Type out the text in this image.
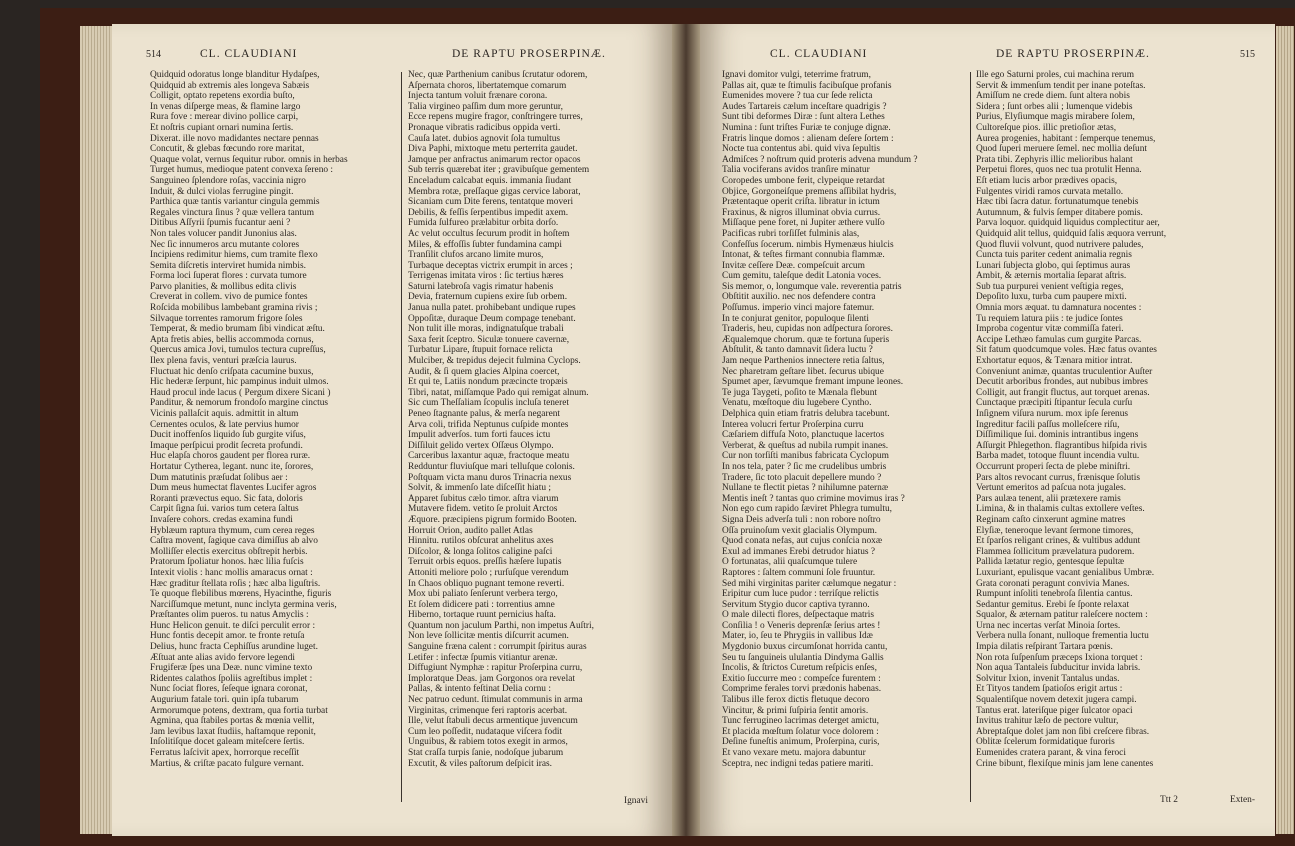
514	CL. CLAUDIANI	DE RAPTU PROSERPINÆ.
Quidquid odoratus longe blanditur Hydaſpes,
Quidquid ab extremis ales longeva Sabæis
Colligit, optato repetens exordia buſto,
In venas diſperge meas, & flamine largo
Rura fove : merear divino pollice carpi,
Et noſtris cupiant ornari numina ſertis.
Dixerat. ille novo madidantes nectare pennas
Concutit, & glebas fœcundo rore maritat,
Quaque volat, vernus ſequitur rubor. omnis in herbas
Turget humus, medioque patent convexa ſereno :
Sanguineo ſplendore roſas, vaccinia nigro
Induit, & dulci violas ferrugine pingit.
Parthica quæ tantis variantur cingula gemmis
Regales vinctura ſinus ? quæ vellera tantum
Ditibus Aſſyrii ſpumis fucantur aeni ?
Non tales volucer pandit Junonius alas.
Nec ſic innumeros arcu mutante colores
Incipiens redimitur hiems, cum tramite flexo
Semita diſcretis interviret humida nimbis.
Forma loci ſuperat flores : curvata tumore
Parvo planities, & mollibus edita clivis
Creverat in collem. vivo de pumice fontes
Roſcida mobilibus lambebant gramina rivis ;
Silvaque torrentes ramorum frigore ſoles
Temperat, & medio brumam ſibi vindicat æſtu.
Apta fretis abies, bellis accommoda cornus,
Quercus amica Jovi, tumulos tectura cupreſſus,
Ilex plena favis, venturi præſcia laurus.
Fluctuat hic denſo criſpata cacumine buxus,
Hic hederæ ſerpunt, hic pampinus induit ulmos.
Haud procul inde lacus ( Pergum dixere Sicani )
Panditur, & nemorum frondoſo margine cinctus
Vicinis pallaſcit aquis. admittit in altum
Cernentes oculos, & late pervius humor
Ducit inoffenſos liquido ſub gurgite viſus,
Imaque perſpicui prodit ſecreta profundi.
Huc elapſa choros gaudent per florea ruræ.
Hortatur Cytherea, legant. nunc ite, ſorores,
Dum matutinis præſudat ſolibus aer :
Dum meus humectat flaventes Lucifer agros
Roranti prævectus equo. Sic fata, doloris
Carpit ſigna ſui. varios tum cetera ſaltus
Invaſere cohors. credas examina fundi
Hyblæum raptura thymum, cum cerea reges
Caſtra movent, ſagique cava dimiſſus ab alvo
Molliſſer electis exercitus obſtrepit herbis.
Pratorum ſpoliatur honos. hæc lilia fuſcis
Intexit violis : hanc mollis amaracus ornat :
Hæc graditur ſtellata roſis ; hæc alba liguſtris.
Te quoque flebilibus mœrens, Hyacinthe, figuris
Narciſſumque metunt, nunc inclyta germina veris,
Præſtantes olim pueros. tu natus Amyclis :
Hunc Helicon genuit. te diſci perculit error :
Hunc fontis decepit amor. te fronte retuſa
Delius, hunc fracta Cephiſſus arundine luget.
Æſtuat ante alias avido fervore legendi
Frugiferæ ſpes una Deæ. nunc vimine texto
Ridentes calathos ſpoliis agreſtibus implet :
Nunc ſociat flores, ſeſeque ignara coronat,
Augurium fatale tori. quin ipſa tubarum
Armorumque potens, dextram, qua fortia turbat
Agmina, qua ſtabiles portas & mœnia vellit,
Jam levibus laxat ſtudiis, haſtamque reponit,
Inſolitiſque docet galeam miteſcere ſertis.
Ferratus laſcivit apex, horrorque receſſit
Martius, & criſtæ pacato fulgure vernant.
Nec, quæ Parthenium canibus ſcrutatur odorem,
Aſpernata choros, libertatemque comarum
Injecta tantum voluit frænare corona.
Talia virgineo paſſim dum more geruntur,
Ecce repens mugire fragor, conſtringere turres,
Pronaque vibratis radicibus oppida verti.
Cauſa latet. dubios agnovit ſola tumultus
Diva Paphi, mixtoque metu perterrita gaudet.
Jamque per anfractus animarum rector opacos
Sub terris quærebat iter ; gravibuſque gementem
Enceladum calcabat equis. immania ſiudant
Membra rotæ, preſſaque gigas cervice laborat,
Sicaniam cum Dite ferens, tentatque moveri
Debilis, & feſſis ſerpentibus impedit axem.
Fumida ſulfureo prælabitur orbita dorſo.
Ac velut occultus ſecurum prodit in hoſtem
Miles, & effoſſis ſubter fundamina campi
Tranſilit clufos arcano limite muros,
Turbaque deceptas victrix erumpit in arces ;
Terrigenas imitata viros : ſic tertius hæres
Saturni latebroſa vagis rimatur habenis
Devia, fraternum cupiens exire ſub orbem.
Janua nulla patet. prohibebant undique rupes
Oppoſitæ, duraque Deum compage tenebant.
Non tulit ille moras, indignatuſque trabali
Saxa ferit ſceptro. Siculæ tonuere cavernæ,
Turbatur Lipare, ſtupuit fornace relicta
Mulciber, & trepidus dejecit fulmina Cyclops.
Audit, & ſi quem glacies Alpina coercet,
Et qui te, Latiis nondum præcincte tropæis
Tibri, natat, miſſamque Pado qui remigat alnum.
Sic cum Theſſaliam ſcopulis incluſa teneret
Peneo ſtagnante palus, & merſa negarent
Arva coli, trifida Neptunus cuſpide montes
Impulit adverſos. tum forti fauces ictu
Diſſiluit gelido vertex Oſſæus Olympo.
Carceribus laxantur aquæ, fractoque meatu
Redduntur fluviuſque mari telluſque colonis.
Poſtquam victa manu duros Trinacria nexus
Solvit, & immenſo late diſceſſit hiatu ;
Apparet ſubitus cælo timor. aſtra viarum
Mutavere fidem. vetito ſe proluit Arctos
Æquore. præcipiens pigrum formido Booten.
Horruit Orion, audito pallet Atlas
Hinnitu. rutilos obſcurat anhelitus axes
Diſcolor, & longa ſolitos caligine paſci
Terruit orbis equos. preſſis hæſere lupatis
Attoniti meliore polo ; rurſuſque verendum
In Chaos obliquo pugnant temone reverti.
Mox ubi paliato ſenſerunt verbera tergo,
Et ſolem didicere pati : torrentius amne
Hiberno, tortaque ruunt pernicius haſta.
Quantum non jaculum Parthi, non impetus Auſtri,
Non leve ſollicitæ mentis diſcurrit acumen.
Sanguine fræna calent : corrumpit ſpiritus auras
Letifer : infectæ ſpumis vitiantur arenæ.
Diffugiunt Nymphæ : rapitur Proſerpina curru,
Imploratque Deas. jam Gorgonos ora revelat
Pallas, & intento feſtinat Delia cornu :
Nec patruo cedunt. ſtimulat communis in arma
Virginitas, crimenque feri raptoris acerbat.
Ille, velut ſtabuli decus armentique juvencum
Cum leo poſſedit, nudataque viſcera fodit
Unguibus, & rabiem totos exegit in armos,
Stat craſſa turpis ſanie, nodoſque jubarum
Excutit, & viles paſtorum deſpicit iras.
Ignavi
CL. CLAUDIANI	DE RAPTU PROSERPINÆ.	515
Ignavi domitor vulgi, teterrime fratrum,
Pallas ait, quæ te ſtimulis facibuſque profanis
Eumenides movere ? tua cur ſede relicta
Audes Tartareis cælum inceſtare quadrigis ?
Sunt tibi deformes Diræ : ſunt altera Lethes
Numina : ſunt triſtes Furiæ te conjuge dignæ.
Fratris linque domos : alienam deſere ſortem :
Nocte tua contentus abi. quid viva ſepultis
Admiſces ? noſtrum quid proteris advena mundum ?
Talia vociferans avidos tranſire minatur
Coropedes umbone ferit, clypeique retardat
Objice, Gorgoneiſque premens aſſibilat hydris,
Prætentaque operit criſta. libratur in ictum
Fraxinus, & nigros illuminat obvia currus.
Miſſaque pene foret, ni Jupiter æthere vulſo
Pacificas rubri torſiſſet fulminis alas,
Confeſſus ſocerum. nimbis Hymenæus hiulcis
Intonat, & teſtes firmant connubia flammæ.
Invitæ ceſſere Deæ. compeſcuit arcum
Cum gemitu, taleſque dedit Latonia voces.
Sis memor, o, longumque vale. reverentia patris
Obſtitit auxilio. nec nos defendere contra
Poſſumus. imperio vinci majore fatemur.
In te conjurat genitor, populoque ſilenti
Traderis, heu, cupidas non adſpectura ſorores.
Æqualemque chorum. quæ te fortuna ſuperis
Abſtulit, & tanto damnavit ſidera luctu ?
Jam neque Parthenios innectere retia ſaltus,
Nec pharetram geſtare libet. ſecurus ubique
Spumet aper, ſævumque fremant impune leones.
Te juga Taygeti, poſito te Mænala flebunt
Venatu, mœſtoque diu lugebere Cyntho.
Delphica quin etiam fratris delubra tacebunt.
Interea volucri fertur Proſerpina curru
Cæſariem diffuſa Noto, planctuque lacertos
Verberat, & queſtus ad nubila rumpit inanes.
Cur non torſiſti manibus fabricata Cyclopum
In nos tela, pater ? ſic me crudelibus umbris
Tradere, ſic toto placuit depellere mundo ?
Nullane te flectit pietas ? nihilumne paternæ
Mentis ineſt ? tantas quo crimine movimus iras ?
Non ego cum rapido ſæviret Phlegra tumultu,
Signa Deis adverſa tuli : non robore noſtro
Oſſa pruinoſum vexit glacialis Olympum.
Quod conata nefas, aut cujus conſcia noxæ
Exul ad immanes Erebi detrudor hiatus ?
O fortunatas, alii quaſcumque tulere
Raptores : ſaltem communi ſole fruuntur.
Sed mihi virginitas pariter cælumque negatur :
Eripitur cum luce pudor : terriſque relictis
Servitum Stygio ducor captiva tyranno.
O male dilecti flores, deſpectaque matris
Conſilia ! o Veneris deprenſæ ſerius artes !
Mater, io, ſeu te Phrygiis in vallibus Idæ
Mygdonio buxus circumſonat horrida cantu,
Seu tu ſanguineis ululantia Dindyma Gallis
Incolis, & ſtrictos Curetum reſpicis enſes,
Exitio ſuccurre meo : compeſce furentem :
Comprime ferales torvi prædonis habenas.
Talibus ille ferox dictis fletuque decoro
Vincitur, & primi ſuſpiria ſentit amoris.
Tunc ferrugineo lacrimas deterget amictu,
Et placida mœſtum ſolatur voce dolorem :
Deſine funeſtis animum, Proſerpina, curis,
Et vano vexare metu. majora dabuntur
Sceptra, nec indigni tedas patiere mariti.
Ille ego Saturni proles, cui machina rerum
Servit & immenſum tendit per inane poteſtas.
Amiſſum ne crede diem. ſunt altera nobis
Sidera ; ſunt orbes alii ; lumenque videbis
Purius, Elyſiumque magis mirabere ſolem,
Cultoreſque pios. illic pretioſior ætas,
Aurea progenies, habitant : ſemperque tenemus,
Quod ſuperi meruere ſemel. nec mollia deſunt
Prata tibi. Zephyris illic melioribus halant
Perpetui flores, quos nec tua protulit Henna.
Eſt etiam lucis arbor prædives opacis,
Fulgentes viridi ramos curvata metallo.
Hæc tibi ſacra datur. fortunatumque tenebis
Autumnum, & fulvis ſemper ditabere pomis.
Parva loquor. quidquid liquidus complectitur aer,
Quidquid alit tellus, quidquid ſalis æquora verrunt,
Quod fluvii volvunt, quod nutrivere paludes,
Cuncta tuis pariter cedent animalia regnis
Lunari ſubjecta globo, qui ſeptimus auras
Ambit, & æternis mortalia ſeparat aſtris.
Sub tua purpurei venient veſtigia reges,
Depoſito luxu, turba cum paupere mixti.
Omnia mors æquat. tu damnatura nocentes :
Tu requiem latura piis : te judice ſontes
Improba cogentur vitæ commiſſa fateri.
Accipe Lethæo famulas cum gurgite Parcas.
Sit fatum quodcumque voles. Hæc fatus ovantes
Exhortatur equos, & Tænara mitior intrat.
Conveniunt animæ, quantas truculentior Auſter
Decutit arboribus frondes, aut nubibus imbres
Colligit, aut frangit fluctus, aut torquet arenas.
Cunctaque præcipiti ſtipantur ſecula curſu
Inſignem viſura nurum. mox ipſe ſerenus
Ingreditur facili paſſus molleſcere riſu,
Diſſimilique ſui. dominis intrantibus ingens
Aſſurgit Phlegethon. flagrantibus hiſpida rivis
Barba madet, totoque fluunt incendia vultu.
Occurrunt properi ſecta de plebe miniſtri.
Pars altos revocant currus, frænisque ſolutis
Vertunt emeritos ad paſcua nota jugales.
Pars aulæa tenent, alii prætexere ramis
Limina, & in thalamis cultas extollere veſtes.
Reginam caſto cinxerunt agmine matres
Elyſiæ, teneroque levant ſermone timores,
Et ſparſos religant crines, & vultibus addunt
Flammea ſollicitum prævelatura pudorem.
Pallida lætatur regio, gentesque ſepultæ
Luxuriant, epulisque vacant genialibus Umbræ.
Grata coronati peragunt convivia Manes.
Rumpunt inſoliti tenebroſa ſilentia cantus.
Sedantur gemitus. Erebi ſe ſponte relaxat
Squalor, & æternam patitur raleſcere noctem :
Urna nec incertas verſat Minoia ſortes.
Verbera nulla ſonant, nulloque frementia luctu
Impia dilatis reſpirant Tartara pœnis.
Non rota ſuſpenſum præceps Ixiona torquet :
Non aqua Tantaleis ſubducitur invida labris.
Solvitur Ixion, invenit Tantalus undas.
Et Tityos tandem ſpatioſos erigit artus :
Squalentiſque novem detexit jugera campi.
Tantus erat. lateriſque piger ſulcator opaci
Invitus trahitur læſo de pectore vultur,
Abreptaſque dolet jam non ſibi creſcere fibras.
Oblitæ ſcelerum formidatique furoris
Eumenides cratera parant, & vina feroci
Crine bibunt, flexiſque minis jam lene canentes
Ttt 2	Exten-
